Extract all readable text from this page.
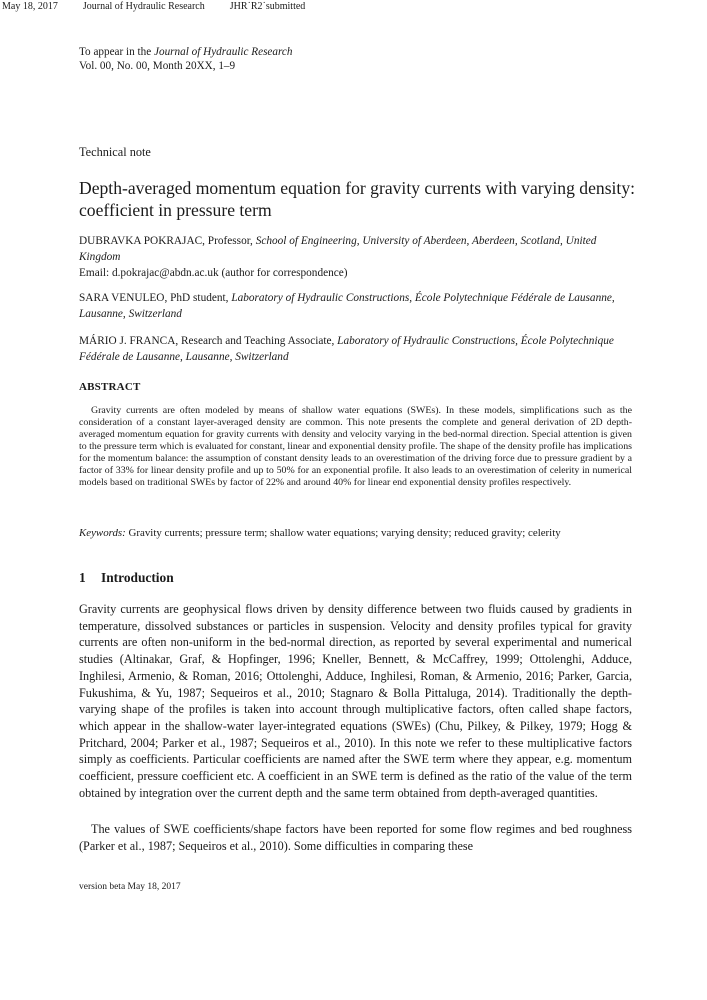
May 18, 2017	Journal of Hydraulic Research	JHR˙R2˙submitted
To appear in the Journal of Hydraulic Research
Vol. 00, No. 00, Month 20XX, 1–9
Technical note
Depth-averaged momentum equation for gravity currents with varying density: coefficient in pressure term
DUBRAVKA POKRAJAC, Professor, School of Engineering, University of Aberdeen, Aberdeen, Scotland, United Kingdom
Email: d.pokrajac@abdn.ac.uk (author for correspondence)
SARA VENULEO, PhD student, Laboratory of Hydraulic Constructions, École Polytechnique Fédérale de Lausanne, Lausanne, Switzerland
MÁRIO J. FRANCA, Research and Teaching Associate, Laboratory of Hydraulic Constructions, École Polytechnique Fédérale de Lausanne, Lausanne, Switzerland
ABSTRACT
Gravity currents are often modeled by means of shallow water equations (SWEs). In these models, simplifications such as the consideration of a constant layer-averaged density are common. This note presents the complete and general derivation of 2D depth-averaged momentum equation for gravity currents with density and velocity varying in the bed-normal direction. Special attention is given to the pressure term which is evaluated for constant, linear and exponential density profile. The shape of the density profile has implications for the momentum balance: the assumption of constant density leads to an overestimation of the driving force due to pressure gradient by a factor of 33% for linear density profile and up to 50% for an exponential profile. It also leads to an overestimation of celerity in numerical models based on traditional SWEs by factor of 22% and around 40% for linear end exponential density profiles respectively.
Keywords: Gravity currents; pressure term; shallow water equations; varying density; reduced gravity; celerity
1 Introduction
Gravity currents are geophysical flows driven by density difference between two fluids caused by gradients in temperature, dissolved substances or particles in suspension. Velocity and density profiles typical for gravity currents are often non-uniform in the bed-normal direction, as reported by several experimental and numerical studies (Altinakar, Graf, & Hopfinger, 1996; Kneller, Bennett, & McCaffrey, 1999; Ottolenghi, Adduce, Inghilesi, Armenio, & Roman, 2016; Ottolenghi, Adduce, Inghilesi, Roman, & Armenio, 2016; Parker, Garcia, Fukushima, & Yu, 1987; Sequeiros et al., 2010; Stagnaro & Bolla Pittaluga, 2014). Traditionally the depth-varying shape of the profiles is taken into account through multiplicative factors, often called shape factors, which appear in the shallow-water layer-integrated equations (SWEs) (Chu, Pilkey, & Pilkey, 1979; Hogg & Pritchard, 2004; Parker et al., 1987; Sequeiros et al., 2010). In this note we refer to these multiplicative factors simply as coefficients. Particular coefficients are named after the SWE term where they appear, e.g. momentum coefficient, pressure coefficient etc. A coefficient in an SWE term is defined as the ratio of the value of the term obtained by integration over the current depth and the same term obtained from depth-averaged quantities.
The values of SWE coefficients/shape factors have been reported for some flow regimes and bed roughness (Parker et al., 1987; Sequeiros et al., 2010). Some difficulties in comparing these
version beta May 18, 2017
